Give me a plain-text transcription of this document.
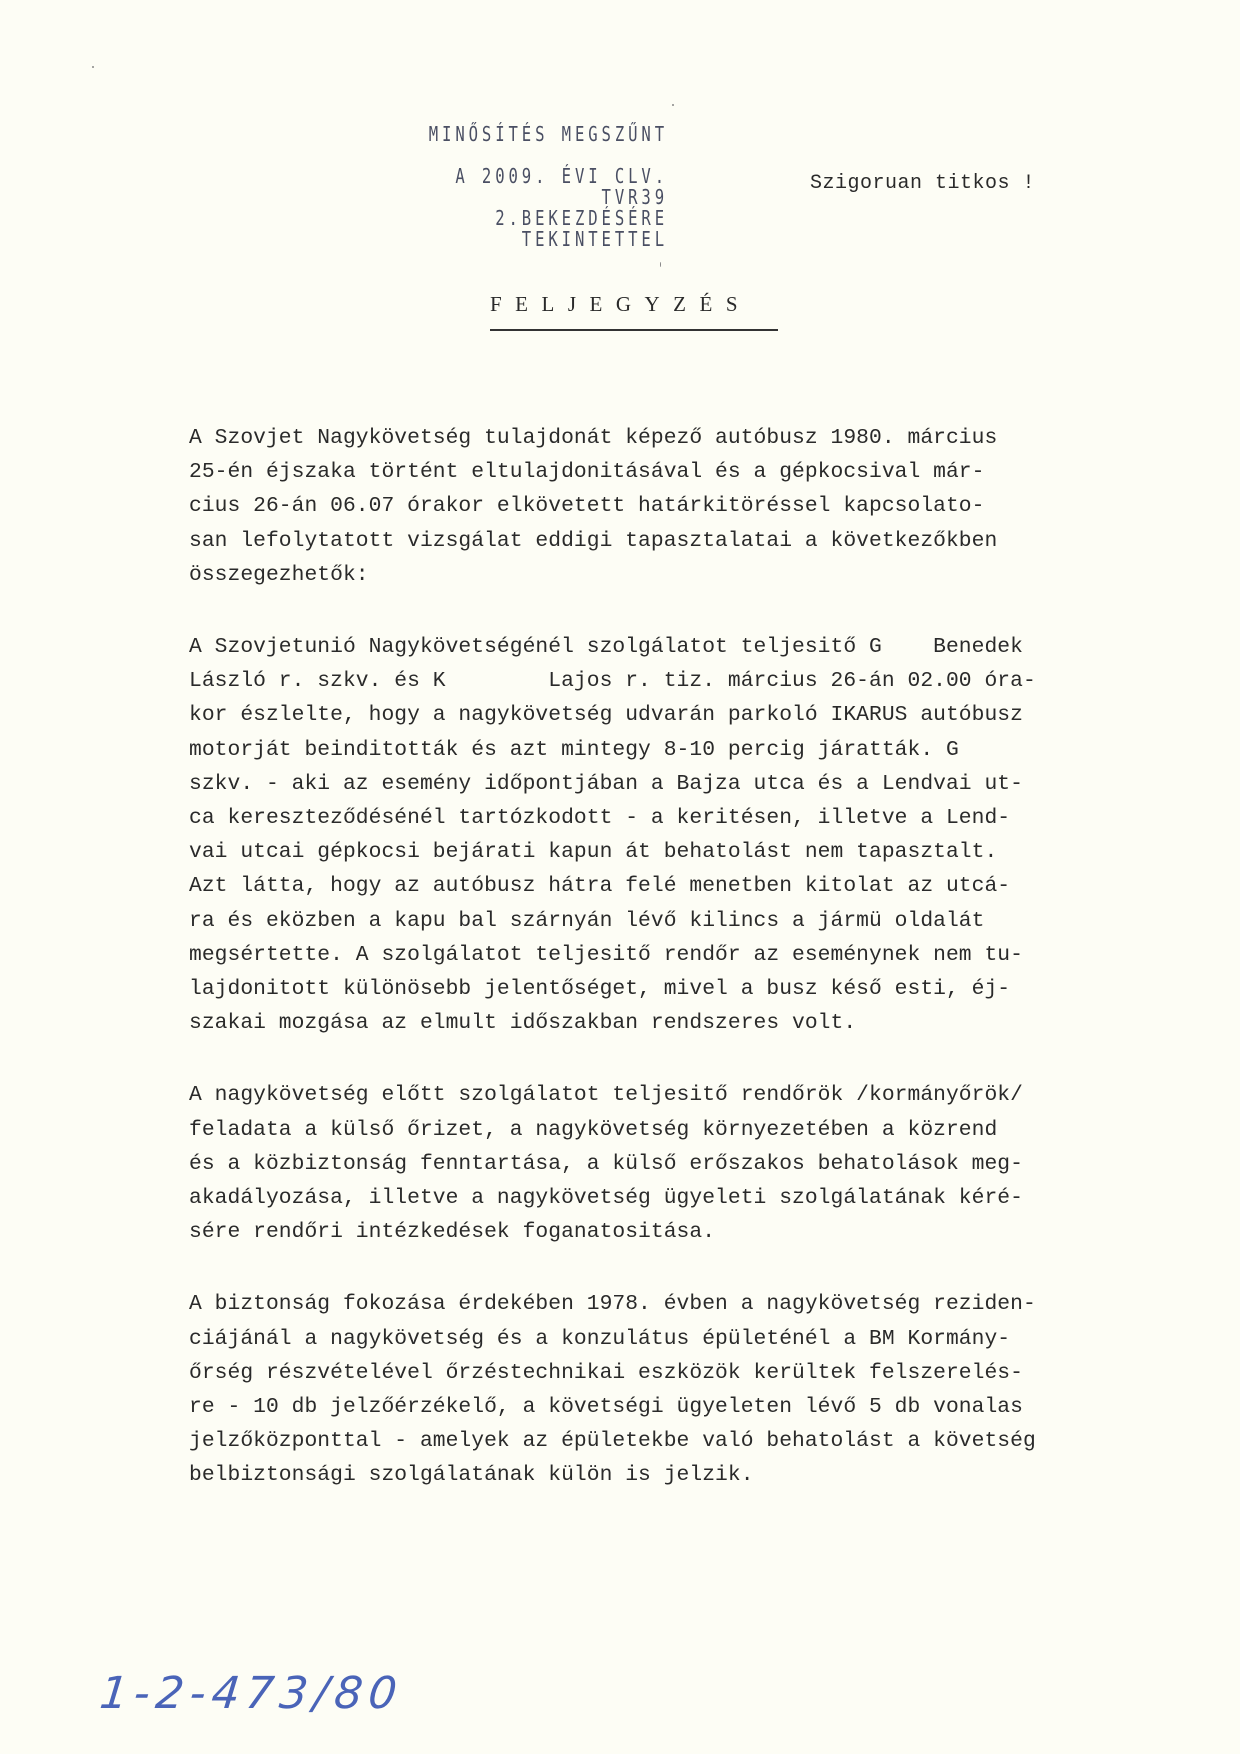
MINŐSÍTÉS MEGSZŰNT
A 2009. ÉVI CLV.
TVR39 2.BEKEZDÉSÉRE
TEKINTETTEL
Szigoruan titkos !
FELJEGYZÉS
A Szovjet Nagykövetség tulajdonát képező autóbusz 1980. március
25-én éjszaka történt eltulajdonitásával és a gépkocsival már-
cius 26-án 06.07 órakor elkövetett határkitöréssel kapcsolato-
san lefolytatott vizsgálat eddigi tapasztalatai a következőkben
összegezhetők:
A Szovjetunió Nagykövetségénél szolgálatot teljesitő G    Benedek
László r. szkv. és K        Lajos r. tiz. március 26-án 02.00 óra-
kor észlelte, hogy a nagykövetség udvarán parkoló IKARUS autóbusz
motorját beinditották és azt mintegy 8-10 percig járatták. G
szkv. - aki az esemény időpontjában a Bajza utca és a Lendvai ut-
ca kereszteződésénél tartózkodott - a keritésen, illetve a Lend-
vai utcai gépkocsi bejárati kapun át behatolást nem tapasztalt.
Azt látta, hogy az autóbusz hátra felé menetben kitolat az utcá-
ra és eközben a kapu bal szárnyán lévő kilincs a jármü oldalát
megsértette. A szolgálatot teljesitő rendőr az eseménynek nem tu-
lajdonitott különösebb jelentőséget, mivel a busz késő esti, éj-
szakai mozgása az elmult időszakban rendszeres volt.
A nagykövetség előtt szolgálatot teljesitő rendőrök /kormányőrök/
feladata a külső őrizet, a nagykövetség környezetében a közrend
és a közbiztonság fenntartása, a külső erőszakos behatolások meg-
akadályozása, illetve a nagykövetség ügyeleti szolgálatának kéré-
sére rendőri intézkedések foganatositása.
A biztonság fokozása érdekében 1978. évben a nagykövetség reziden-
ciájánál a nagykövetség és a konzulátus épületénél a BM Kormány-
őrség részvételével őrzéstechnikai eszközök kerültek felszerelés-
re - 10 db jelzőérzékelő, a követségi ügyeleten lévő 5 db vonalas
jelzőközponttal - amelyek az épületekbe való behatolást a követség
belbiztonsági szolgálatának külön is jelzik.
1-2-473/80
